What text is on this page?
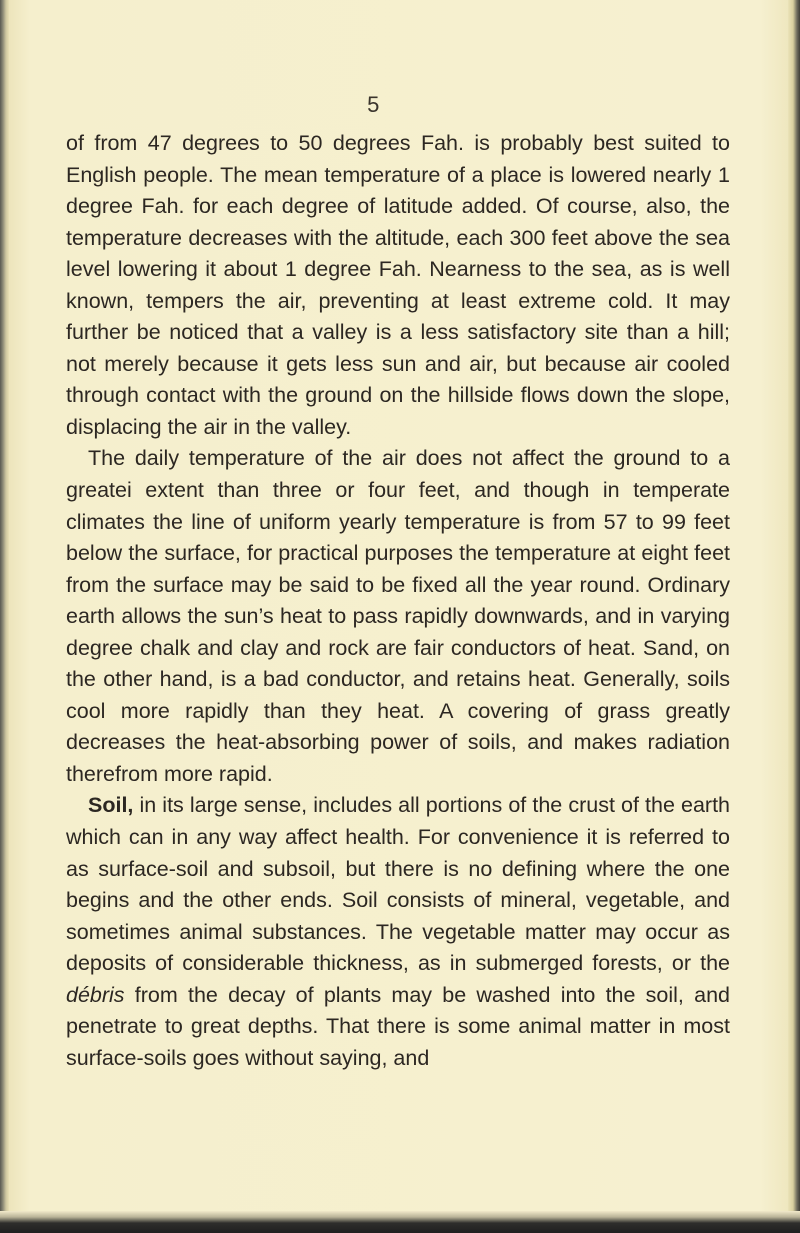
5

of from 47 degrees to 50 degrees Fah. is probably best suited to English people. The mean temperature of a place is lowered nearly 1 degree Fah. for each degree of latitude added. Of course, also, the temperature decreases with the altitude, each 300 feet above the sea level lowering it about 1 degree Fah. Nearness to the sea, as is well known, tempers the air, preventing at least extreme cold. It may further be noticed that a valley is a less satisfactory site than a hill; not merely because it gets less sun and air, but because air cooled through contact with the ground on the hillside flows down the slope, displacing the air in the valley.

The daily temperature of the air does not affect the ground to a greatei extent than three or four feet, and though in temperate climates the line of uniform yearly temperature is from 57 to 99 feet below the surface, for practical purposes the temperature at eight feet from the surface may be said to be fixed all the year round. Ordinary earth allows the sun’s heat to pass rapidly downwards, and in varying degree chalk and clay and rock are fair conductors of heat. Sand, on the other hand, is a bad conductor, and retains heat. Generally, soils cool more rapidly than they heat. A covering of grass greatly decreases the heat-absorbing power of soils, and makes radiation therefrom more rapid.

Soil, in its large sense, includes all portions of the crust of the earth which can in any way affect health. For convenience it is referred to as surface-soil and subsoil, but there is no defining where the one begins and the other ends. Soil consists of mineral, vegetable, and sometimes animal substances. The vegetable matter may occur as deposits of considerable thickness, as in submerged forests, or the débris from the decay of plants may be washed into the soil, and penetrate to great depths. That there is some animal matter in most surface-soils goes without saying, and
